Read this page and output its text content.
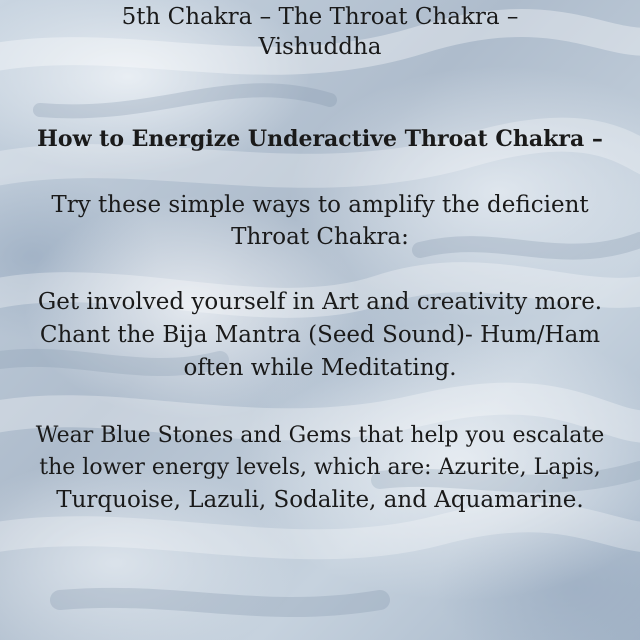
5th Chakra – The Throat Chakra –
Vishuddha
How to Energize Underactive Throat Chakra –
Try these simple ways to amplify the deficient
Throat Chakra:
Get involved yourself in Art and creativity more.
Chant the Bija Mantra (Seed Sound)- Hum/Ham
often while Meditating.
Wear Blue Stones and Gems that help you escalate
the lower energy levels, which are: Azurite, Lapis,
Turquoise, Lazuli, Sodalite, and Aquamarine.
